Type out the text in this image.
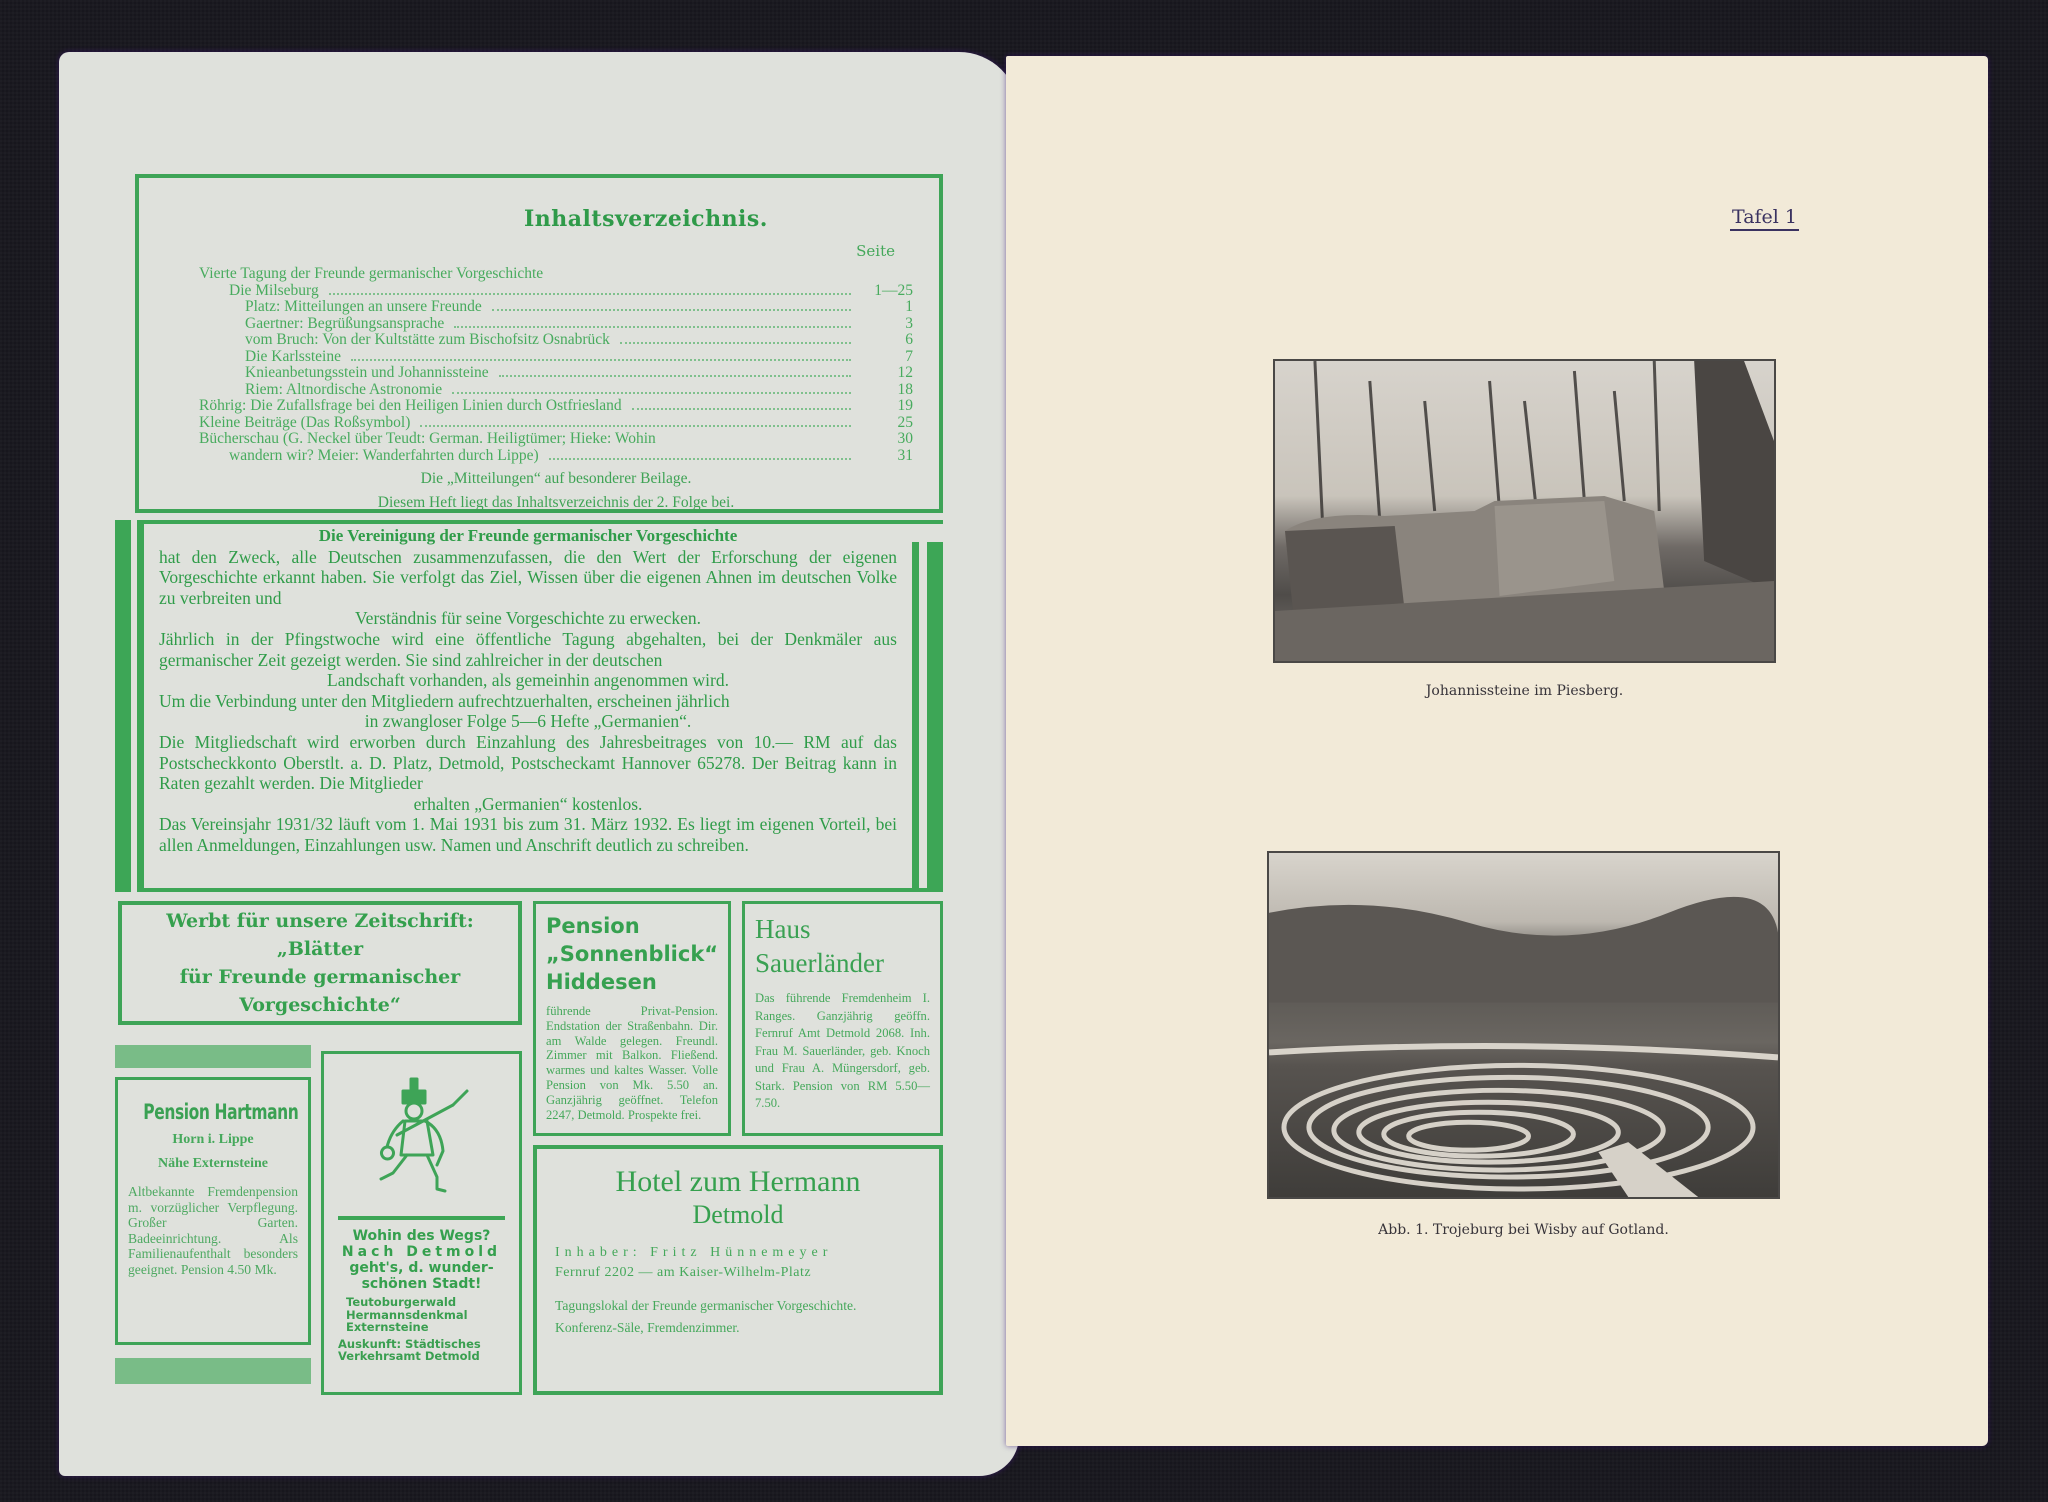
Inhaltsverzeichnis.
Seite
Vierte Tagung der Freunde germanischer Vorgeschichte
Die Milseburg	1—25
Platz: Mitteilungen an unsere Freunde	1
Gaertner: Begrüßungsansprache	3
vom Bruch: Von der Kultstätte zum Bischofsitz Osnabrück	6
Die Karlssteine	7
Knieanbetungsstein und Johannissteine	12
Riem: Altnordische Astronomie	18
Röhrig: Die Zufallsfrage bei den Heiligen Linien durch Ostfriesland	19
Kleine Beiträge (Das Roßsymbol)	25
Bücherschau (G. Neckel über Teudt: German. Heiligtümer; Hieke: Wohin	30
wandern wir? Meier: Wanderfahrten durch Lippe)	31
Die „Mitteilungen“ auf besonderer Beilage.
Diesem Heft liegt das Inhaltsverzeichnis der 2. Folge bei.

Die Vereinigung der Freunde germanischer Vorgeschichte

hat den Zweck, alle Deutschen zusammenzufassen, die den Wert der Erforschung der eigenen Vorgeschichte erkannt haben. Sie verfolgt das Ziel, Wissen über die eigenen Ahnen im deutschen Volke zu verbreiten und

Verständnis für seine Vorgeschichte zu erwecken.

Jährlich in der Pfingstwoche wird eine öffentliche Tagung abgehalten, bei der Denkmäler aus germanischer Zeit gezeigt werden. Sie sind zahlreicher in der deutschen

Landschaft vorhanden, als gemeinhin angenommen wird.

Um die Verbindung unter den Mitgliedern aufrechtzuerhalten, erscheinen jährlich

in zwangloser Folge 5—6 Hefte „Germanien“.

Die Mitgliedschaft wird erworben durch Einzahlung des Jahresbeitrages von 10.— RM auf das Postscheckkonto Oberstlt. a. D. Platz, Detmold, Postscheckamt Hannover 65278. Der Beitrag kann in Raten gezahlt werden. Die Mitglieder

erhalten „Germanien“ kostenlos.

Das Vereinsjahr 1931/32 läuft vom 1. Mai 1931 bis zum 31. März 1932. Es liegt im eigenen Vorteil, bei allen Anmeldungen, Einzahlungen usw. Namen und Anschrift deutlich zu schreiben.

Werbt für unsere Zeitschrift: „Blätter
für Freunde germanischer Vorgeschichte“
Pension
„Sonnenblick“
Hiddesen
führende Privat-Pension. Endstation der Straßenbahn. Dir. am Walde gelegen. Freundl. Zimmer mit Balkon. Fließend. warmes und kaltes Wasser. Volle Pension von Mk. 5.50 an. Ganzjährig geöffnet. Telefon 2247, Detmold. Prospekte frei.
Haus
Sauerländer
Das führende Fremdenheim I. Ranges. Ganzjährig geöffn. Fernruf Amt Detmold 2068. Inh. Frau M. Sauerländer, geb. Knoch und Frau A. Müngersdorf, geb. Stark. Pension von RM 5.50—7.50.
Pension Hartmann
Horn i. Lippe
Nähe Externsteine
Altbekannte Fremdenpension m. vorzüglicher Verpflegung. Großer Garten. Badeeinrichtung. Als Familienaufenthalt besonders geeignet. Pension 4.50 Mk.
Wohin des Wegs?
Nach Detmold
geht's, d. wunder-
schönen Stadt!
Teutoburgerwald
Hermannsdenkmal
Externsteine
Auskunft: Städtisches
Verkehrsamt Detmold
Hotel zum Hermann
Detmold
Inhaber: Fritz Hünnemeyer
Fernruf 2202 — am Kaiser-Wilhelm-Platz
Tagungslokal der Freunde germanischer Vorgeschichte. Konferenz-Säle, Fremdenzimmer.
Tafel 1
Johannissteine im Piesberg.
Abb. 1. Trojeburg bei Wisby auf Gotland.
